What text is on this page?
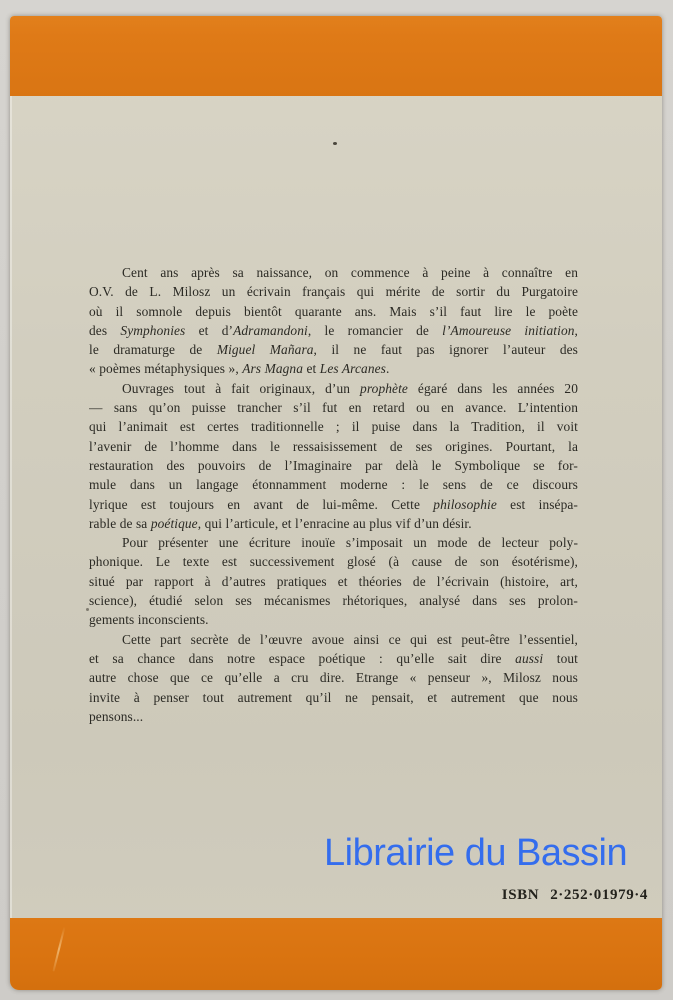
Cent ans après sa naissance, on commence à peine à connaître en
O.V. de L. Milosz un écrivain français qui mérite de sortir du Purgatoire
où il somnole depuis bientôt quarante ans. Mais s’il faut lire le poète
des Symphonies et d’Adramandoni, le romancier de l’Amoureuse initiation,
le dramaturge de Miguel Mañara, il ne faut pas ignorer l’auteur des
« poèmes métaphysiques », Ars Magna et Les Arcanes.
Ouvrages tout à fait originaux, d’un prophète égaré dans les années 20
— sans qu’on puisse trancher s’il fut en retard ou en avance. L’intention
qui l’animait est certes traditionnelle ; il puise dans la Tradition, il voit
l’avenir de l’homme dans le ressaisissement de ses origines. Pourtant, la
restauration des pouvoirs de l’Imaginaire par delà le Symbolique se for-
mule dans un langage étonnamment moderne : le sens de ce discours
lyrique est toujours en avant de lui-même. Cette philosophie est insépa-
rable de sa poétique, qui l’articule, et l’enracine au plus vif d’un désir.
Pour présenter une écriture inouïe s’imposait un mode de lecteur poly-
phonique. Le texte est successivement glosé (à cause de son ésotérisme),
situé par rapport à d’autres pratiques et théories de l’écrivain (histoire, art,
science), étudié selon ses mécanismes rhétoriques, analysé dans ses prolon-
gements inconscients.
Cette part secrète de l’œuvre avoue ainsi ce qui est peut-être l’essentiel,
et sa chance dans notre espace poétique : qu’elle sait dire aussi tout
autre chose que ce qu’elle a cru dire. Etrange « penseur », Milosz nous
invite à penser tout autrement qu’il ne pensait, et autrement que nous
pensons...
Librairie du Bassin
ISBN 2·252·01979·4
